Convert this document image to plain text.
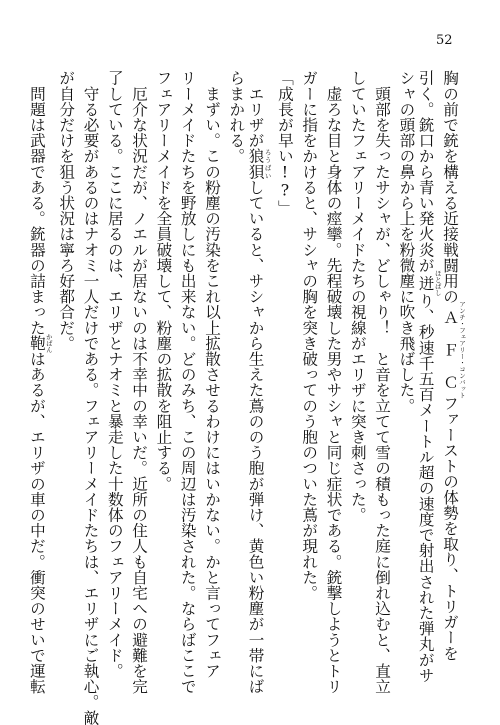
52
胸の前で銃を構える近接戦闘用のＡＦＣ アンチ・フェアリー・コンバットファーストの体勢を取り、トリガーを
引く。銃口から青い発火炎が迸 ほとばしり、秒速千五百メートル超の速度で射出された弾丸がサ
シャの頭部の鼻から上を粉微塵に吹き飛ばした。
　頭部を失ったサシャが、どしゃり！　と音を立てて雪の積もった庭に倒れ込むと、直立
していたフェアリーメイドたちの視線がエリザに突き刺さった。
　虚ろな目と身体の痙攣。先程破壊した男やサシャと同じ症状である。銃撃しようとトリ
ガーに指をかけると、サシャの胸を突き破ってのう胞のついた蔦が現れた。
「成長が早い!?」
　エリザが狼狽 ろうばいしていると、サシャから生えた蔦ののう胞が弾け、黄色い粉塵が一帯にば
らまかれる。
　まずい。この粉塵の汚染をこれ以上拡散させるわけにはいかない。かと言ってフェア
リーメイドたちを野放しにも出来ない。どのみち、この周辺は汚染された。ならばここで
フェアリーメイドを全員破壊して、粉塵の拡散を阻止する。
　厄介な状況だが、ノエルが居ないのは不幸中の幸いだ。近所の住人も自宅への避難を完
了している。ここに居るのは、エリザとナオミと暴走した十数体のフェアリーメイド。
　守る必要があるのはナオミ一人だけである。フェアリーメイドたちは、エリザにご執心。敵
が自分だけを狙う状況は寧ろ好都合だ。
　問題は武器である。銃器の詰まった鞄 かばんはあるが、エリザの車の中だ。衝突のせいで運転
